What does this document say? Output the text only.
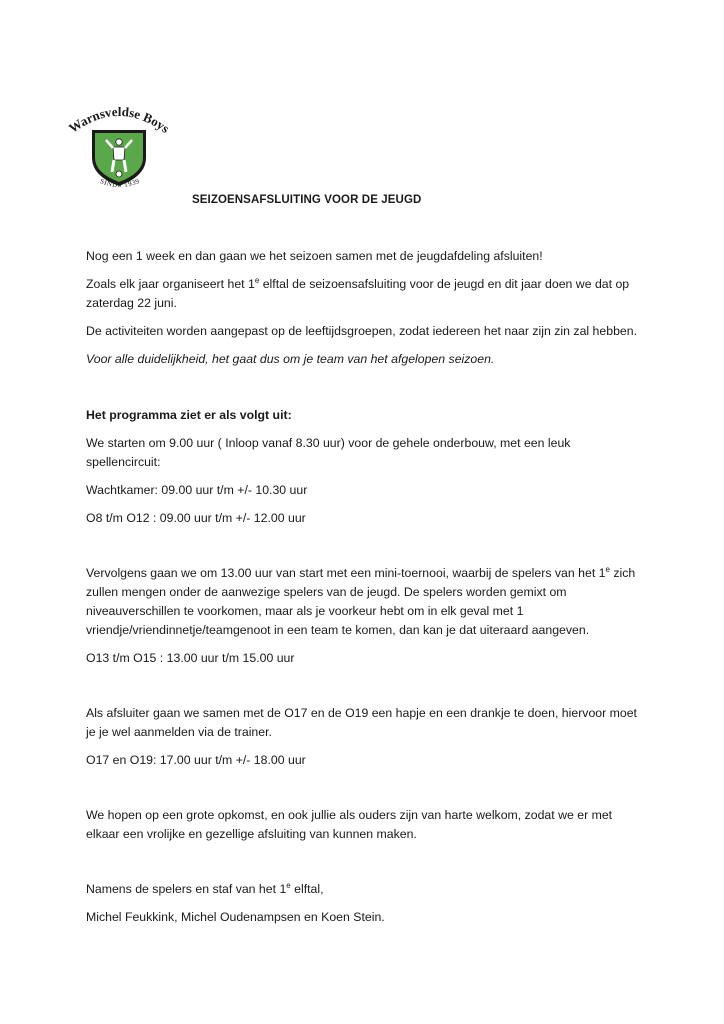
Warnsveldse Boys
SINDS 1939
SEIZOENSAFSLUITING VOOR DE JEUGD

Nog een 1 week en dan gaan we het seizoen samen met de jeugdafdeling afsluiten!

Zoals elk jaar organiseert het 1e elftal de seizoensafsluiting voor de jeugd en dit jaar doen we dat op zaterdag 22 juni.

De activiteiten worden aangepast op de leeftijdsgroepen, zodat iedereen het naar zijn zin zal hebben.

Voor alle duidelijkheid, het gaat dus om je team van het afgelopen seizoen.

Het programma ziet er als volgt uit:

We starten om 9.00 uur ( Inloop vanaf 8.30 uur) voor de gehele onderbouw, met een leuk spellencircuit:

Wachtkamer: 09.00 uur t/m +/- 10.30 uur

O8 t/m O12 : 09.00 uur t/m +/- 12.00 uur

Vervolgens gaan we om 13.00 uur van start met een mini-toernooi, waarbij de spelers van het 1e zich zullen mengen onder de aanwezige spelers van de jeugd. De spelers worden gemixt om niveauverschillen te voorkomen, maar als je voorkeur hebt om in elk geval met 1 vriendje/vriendinnetje/teamgenoot in een team te komen, dan kan je dat uiteraard aangeven.

O13 t/m O15 : 13.00 uur t/m 15.00 uur

Als afsluiter gaan we samen met de O17 en de O19 een hapje en een drankje te doen, hiervoor moet je je wel aanmelden via de trainer.

O17 en O19: 17.00 uur t/m +/- 18.00 uur

We hopen op een grote opkomst, en ook jullie als ouders zijn van harte welkom, zodat we er met elkaar een vrolijke en gezellige afsluiting van kunnen maken.

Namens de spelers en staf van het 1e elftal,

Michel Feukkink, Michel Oudenampsen en Koen Stein.
